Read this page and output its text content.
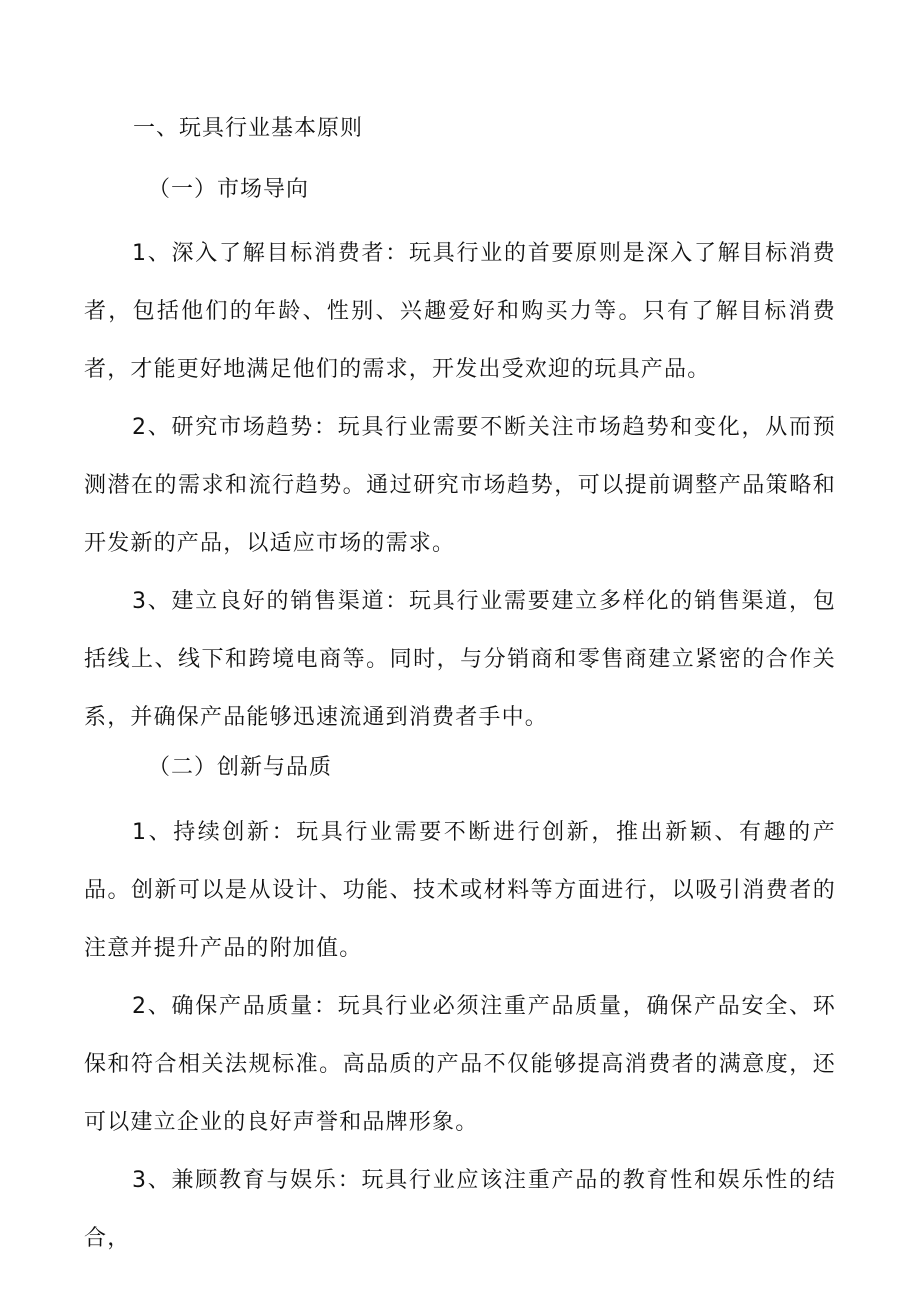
一、玩具行业基本原则
（一）市场导向

1、深入了解目标消费者：玩具行业的首要原则是深入了解目标消费者，包括他们的年龄、性别、兴趣爱好和购买力等。只有了解目标消费者，才能更好地满足他们的需求，开发出受欢迎的玩具产品。

2、研究市场趋势：玩具行业需要不断关注市场趋势和变化，从而预测潜在的需求和流行趋势。通过研究市场趋势，可以提前调整产品策略和开发新的产品，以适应市场的需求。

3、建立良好的销售渠道：玩具行业需要建立多样化的销售渠道，包括线上、线下和跨境电商等。同时，与分销商和零售商建立紧密的合作关系，并确保产品能够迅速流通到消费者手中。

（二）创新与品质

1、持续创新：玩具行业需要不断进行创新，推出新颖、有趣的产品。创新可以是从设计、功能、技术或材料等方面进行，以吸引消费者的注意并提升产品的附加值。

2、确保产品质量：玩具行业必须注重产品质量，确保产品安全、环保和符合相关法规标准。高品质的产品不仅能够提高消费者的满意度，还可以建立企业的良好声誉和品牌形象。

3、兼顾教育与娱乐：玩具行业应该注重产品的教育性和娱乐性的结合，
